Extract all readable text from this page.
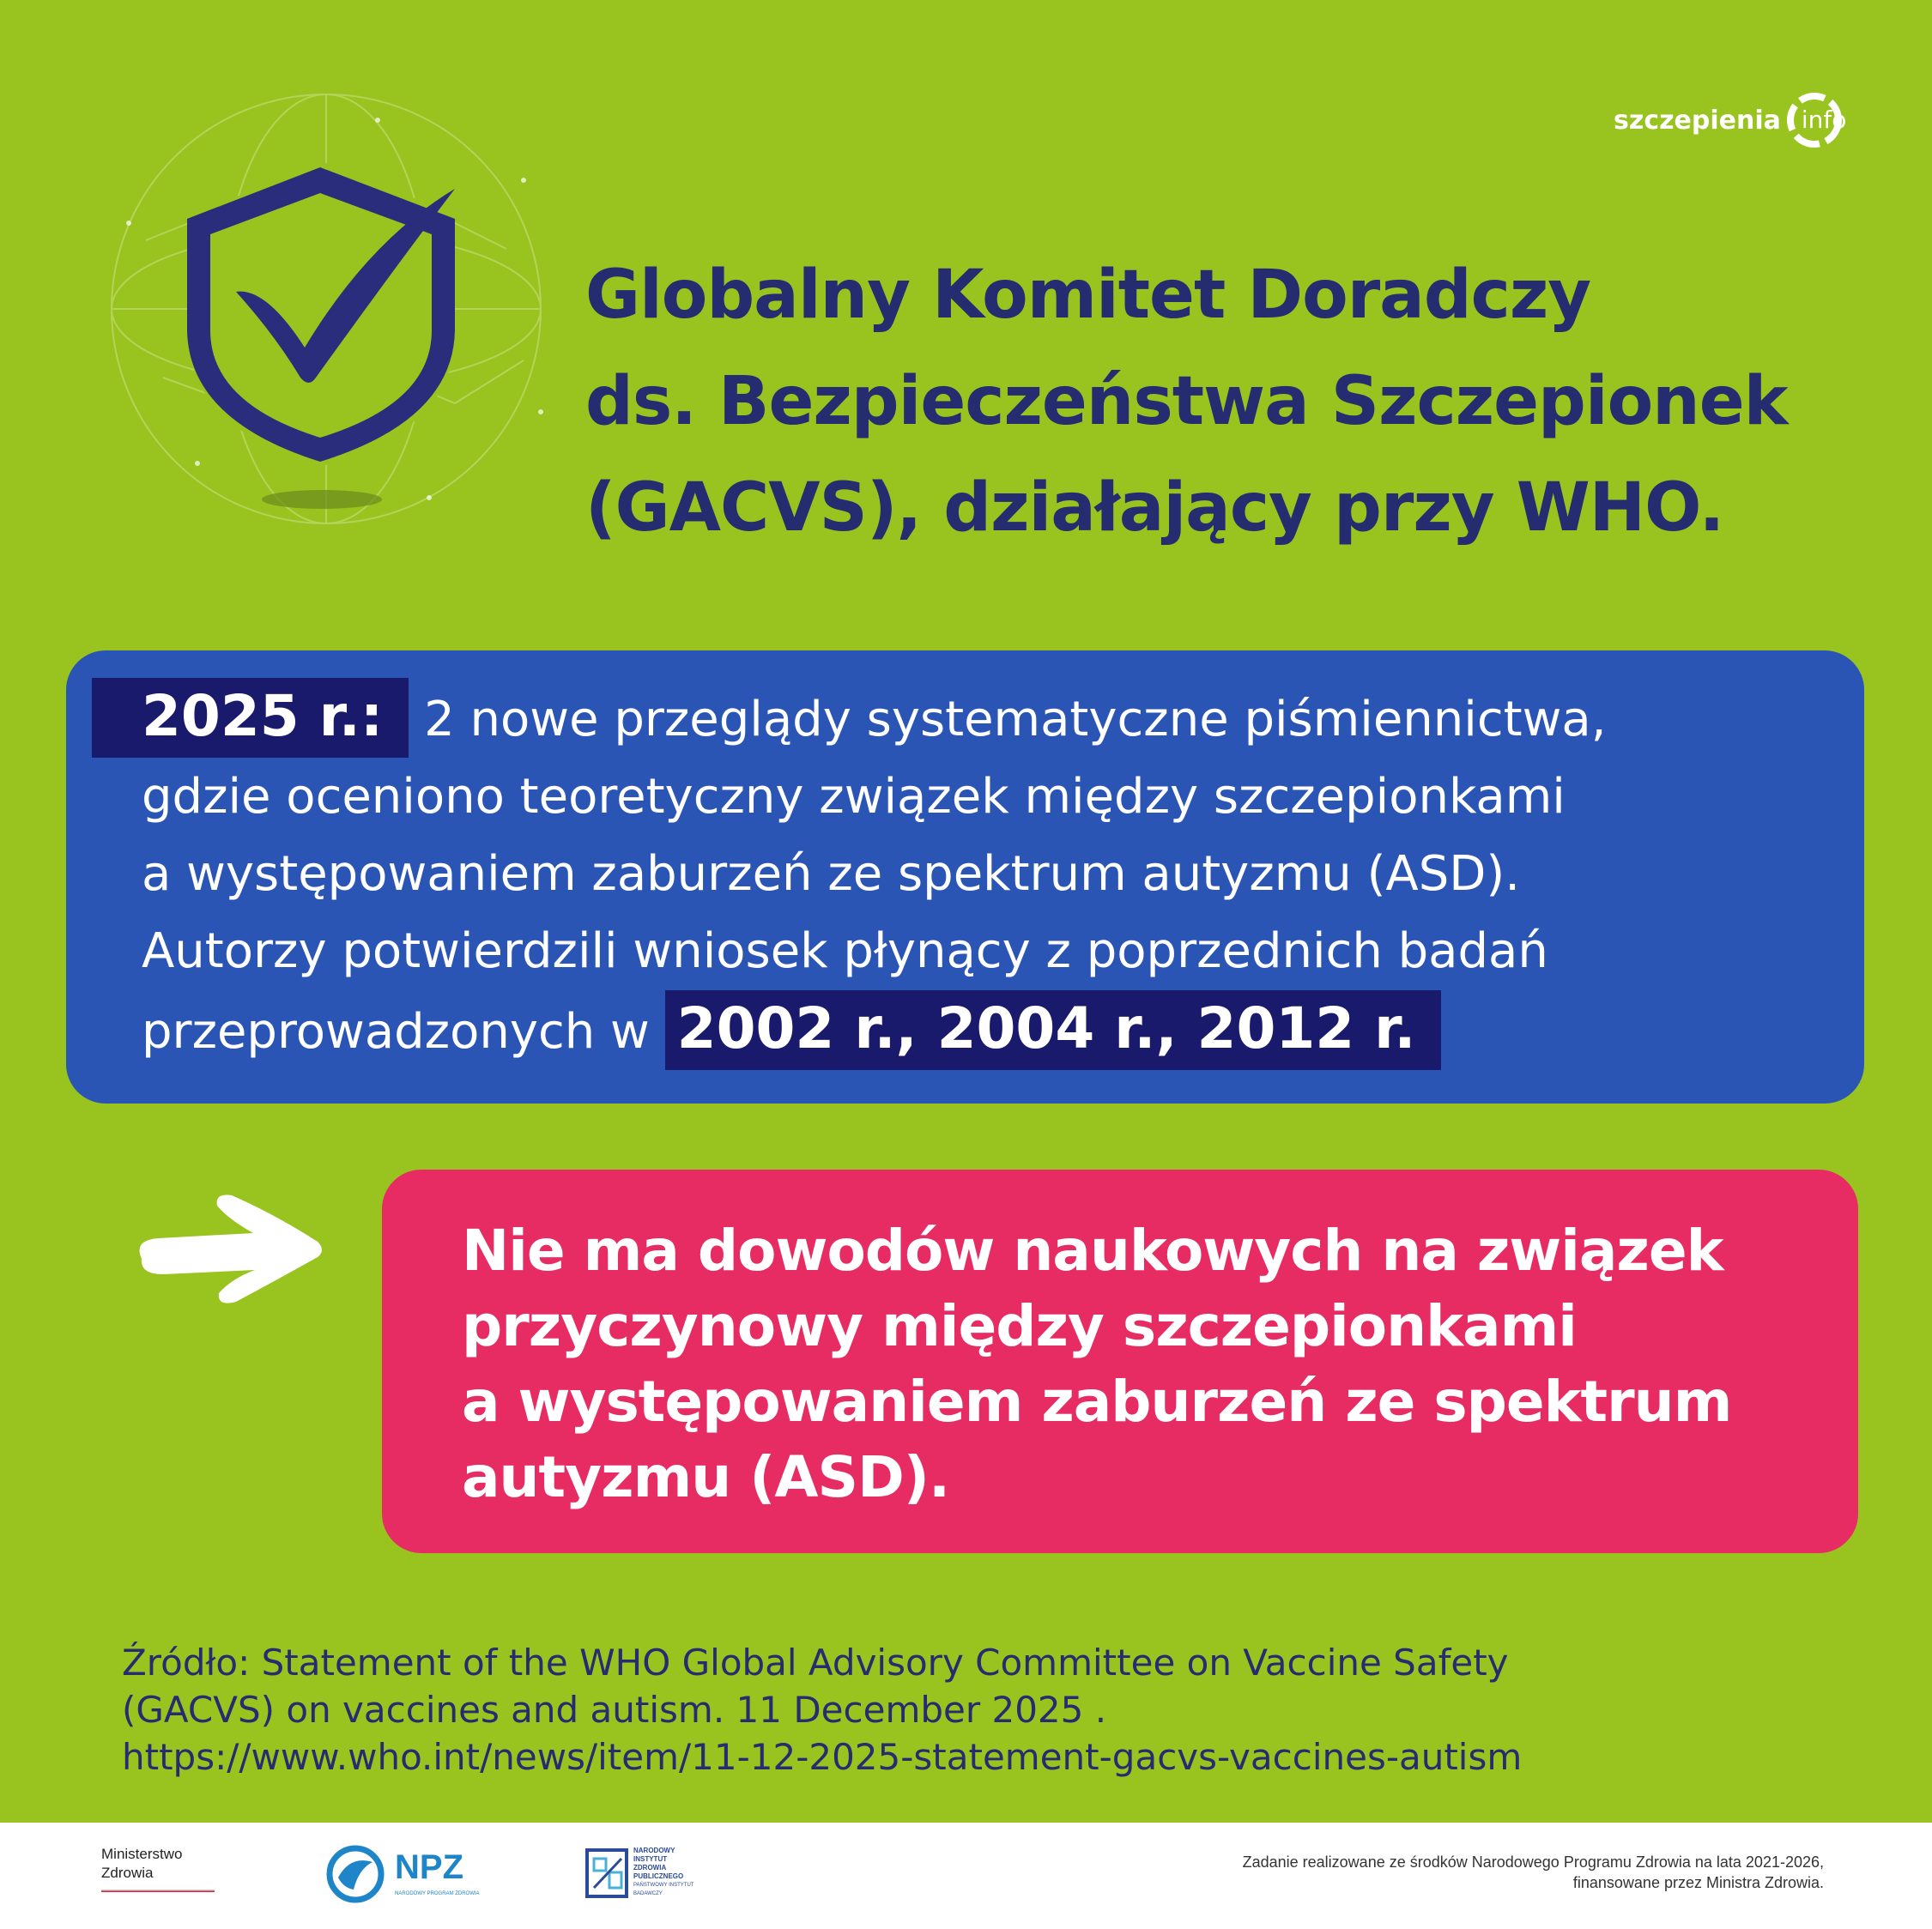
szczepienia info
Globalny Komitet Doradczy
ds. Bezpieczeństwa Szczepionek
(GACVS), działający przy WHO.
2025 r.: 2 nowe przeglądy systematyczne piśmiennictwa,
gdzie oceniono teoretyczny związek między szczepionkami
a występowaniem zaburzeń ze spektrum autyzmu (ASD).
Autorzy potwierdzili wniosek płynący z poprzednich badań
przeprowadzonych w 2002 r., 2004 r., 2012 r.
Nie ma dowodów naukowych na związek
przyczynowy między szczepionkami
a występowaniem zaburzeń ze spektrum
autyzmu (ASD).
Źródło: Statement of the WHO Global Advisory Committee on Vaccine Safety
(GACVS) on vaccines and autism. 11 December 2025 .
https://www.who.int/news/item/11-12-2025-statement-gacvs-vaccines-autism
Ministerstwo
Zdrowia	NPZ
NARODOWY PROGRAM ZDROWIA
NARODOWY
INSTYTUT
ZDROWIA
PUBLICZNEGO
PAŃSTWOWY INSTYTUT
BADAWCZY
Zadanie realizowane ze środków Narodowego Programu Zdrowia na lata 2021-2026,
finansowane przez Ministra Zdrowia.
